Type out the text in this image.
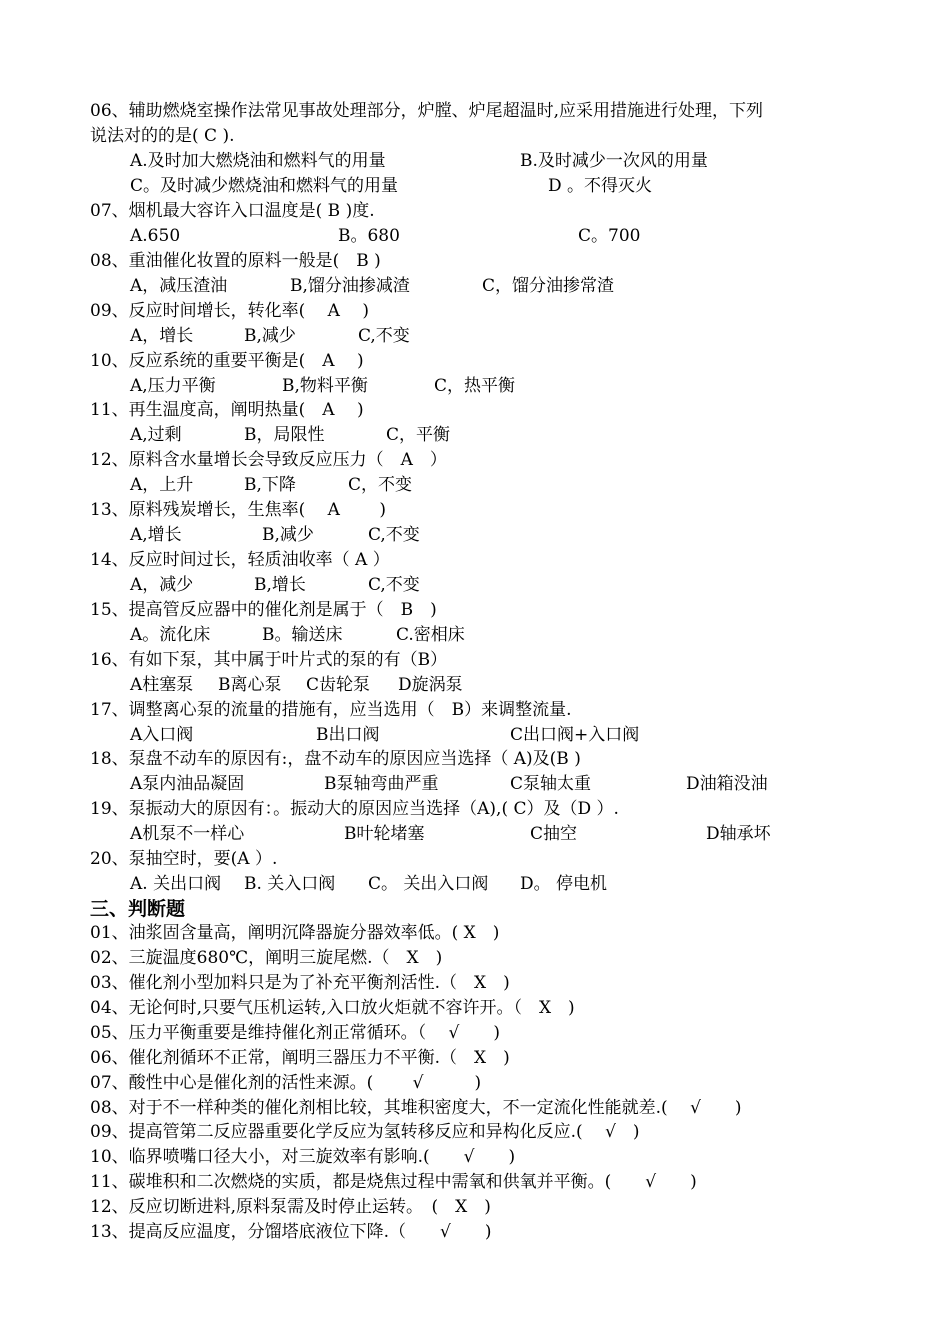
06、辅助燃烧室操作法常见事故处理部分，炉膛、炉尾超温时,应采用措施进行处理，下列
说法对的的是( C ).
A.及时加大燃烧油和燃料气的用量	B.及时减少一次风的用量
C。及时减少燃烧油和燃料气的用量	D 。不得灭火
07、烟机最大容许入口温度是( B )度.
A.650	B。680	C。700
08、重油催化妆置的原料一般是(　B )
A，减压渣油	B,馏分油掺减渣	C，馏分油掺常渣
09、反应时间增长，转化率(　 A　 )
A，增长	B,减少	C,不变
10、反应系统的重要平衡是(　A　 )
A,压力平衡	B,物料平衡	C，热平衡
11、再生温度高，阐明热量(　A　 )
A,过剩	B，局限性	C，平衡
12、原料含水量增长会导致反应压力（　A　）
A，上升	B,下降	C，不变
13、原料残炭增长，生焦率(　 A　 　)
A,增长	B,减少	C,不变
14、反应时间过长，轻质油收率（ A ）
A，减少	B,增长	C,不变
15、提高管反应器中的催化剂是属于（　B　)
A。流化床	B。输送床	C.密相床
16、有如下泵，其中属于叶片式的泵的有（B）
A柱塞泵 B离心泵 C齿轮泵 D旋涡泵
17、调整离心泵的流量的措施有，应当选用（　B）来调整流量.
A入口阀	B出口阀	C出口阀+入口阀
18、泵盘不动车的原因有:，盘不动车的原因应当选择（ A)及(B )
A泵内油品凝固	B泵轴弯曲严重	C泵轴太重	D油箱没油
19、泵振动大的原因有：。振动大的原因应当选择（A),( C）及（D ）.
A机泵不一样心	B叶轮堵塞	C抽空	D轴承坏
20、泵抽空时，要(A ）.
A. 关出口阀 B. 关入口阀 C。 关出入口阀 D。 停电机
三、判断题
01、油浆固含量高，阐明沉降器旋分器效率低。( X　)
02、三旋温度680℃，阐明三旋尾燃.（　X　)
03、催化剂小型加料只是为了补充平衡剂活性.（　X　)
04、无论何时,只要气压机运转,入口放火炬就不容许开。（　X　)
05、压力平衡重要是维持催化剂正常循环。（　 √　　)
06、催化剂循环不正常，阐明三器压力不平衡.（　X　)
07、酸性中心是催化剂的活性来源。(　　 √　　　)
08、对于不一样种类的催化剂相比较，其堆积密度大，不一定流化性能就差.(　 √　　)
09、提高管第二反应器重要化学反应为氢转移反应和异构化反应.(　 √　)
10、临界喷嘴口径大小，对三旋效率有影响.(　　√　　)
11、碳堆积和二次燃烧的实质，都是烧焦过程中需氧和供氧并平衡。(　　√　　)
12、反应切断进料,原料泵需及时停止运转。　(　X　)
13、提高反应温度，分馏塔底液位下降.（　　√　　)
